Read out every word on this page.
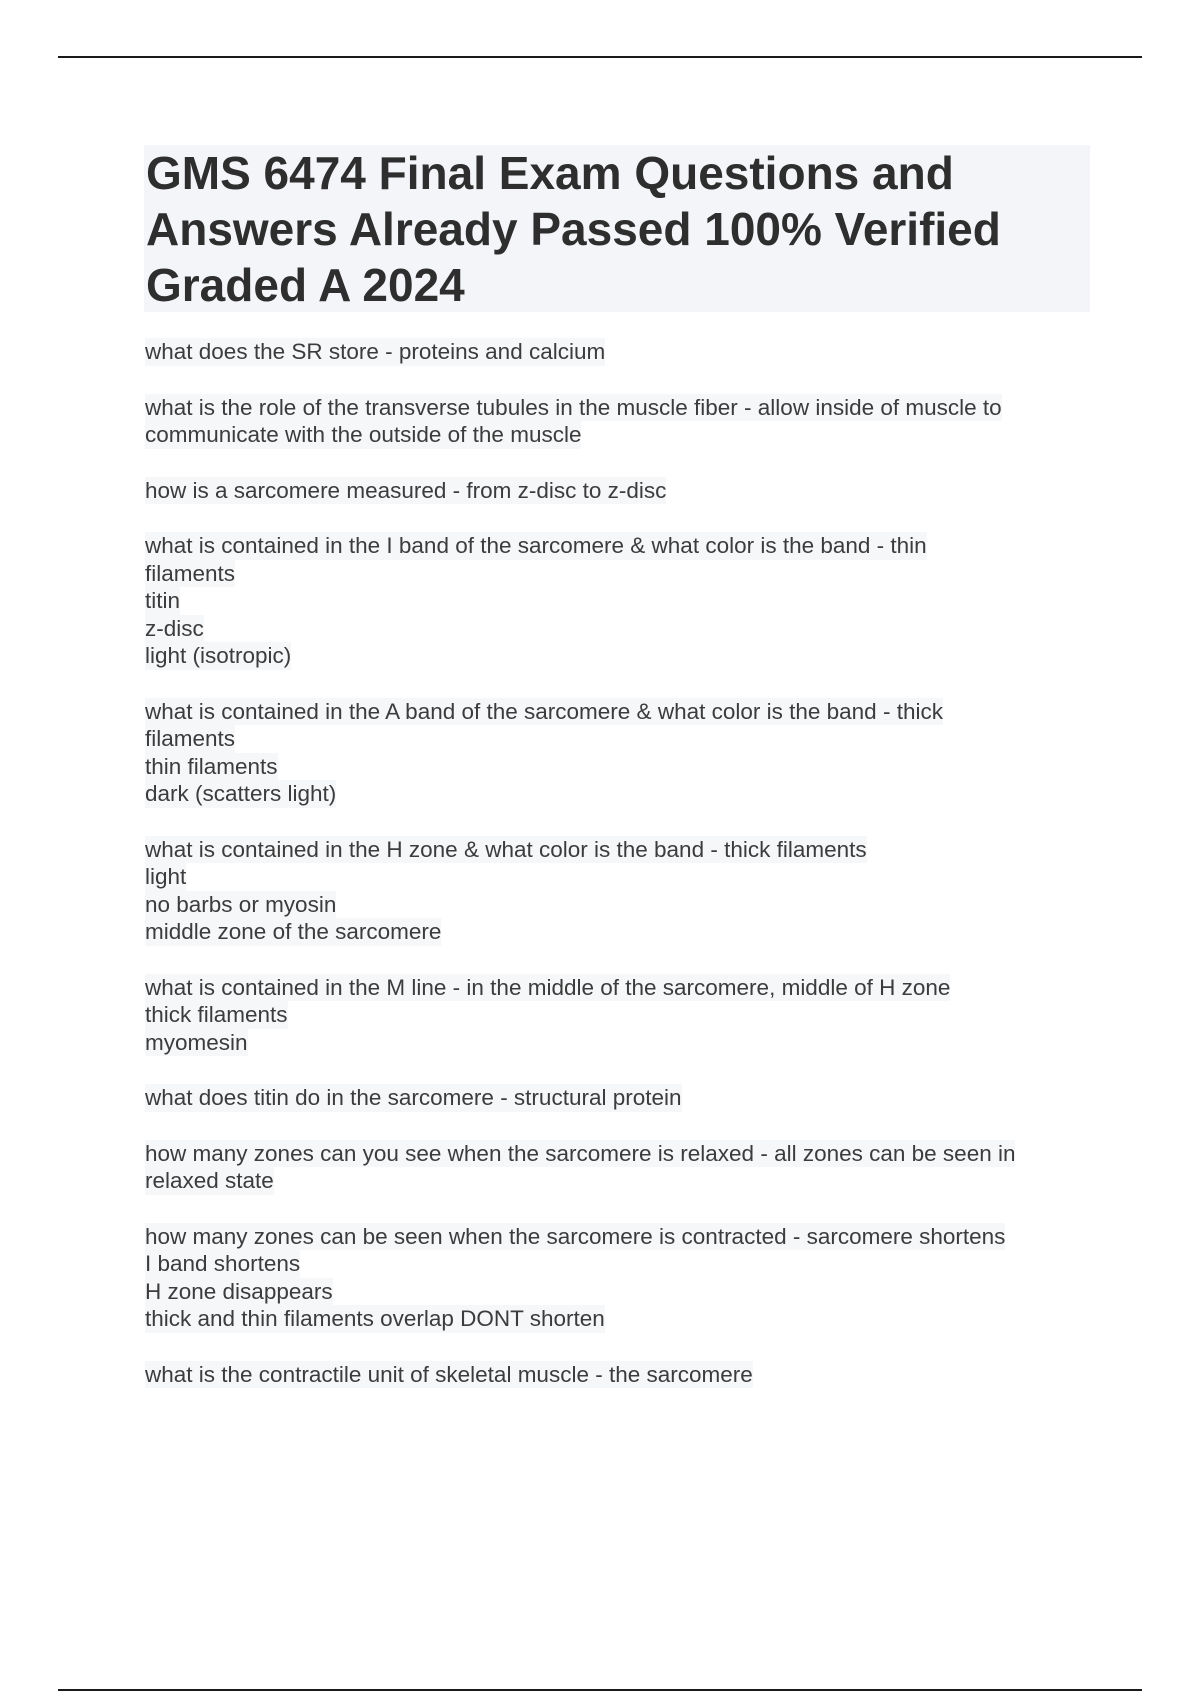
GMS 6474 Final Exam Questions and
Answers Already Passed 100% Verified
Graded A 2024
what does the SR store - proteins and calcium
what is the role of the transverse tubules in the muscle fiber - allow inside of muscle to
communicate with the outside of the muscle
how is a sarcomere measured - from z-disc to z-disc
what is contained in the I band of the sarcomere & what color is the band - thin
filaments
titin
z-disc
light (isotropic)
what is contained in the A band of the sarcomere & what color is the band - thick
filaments
thin filaments
dark (scatters light)
what is contained in the H zone & what color is the band - thick filaments
light
no barbs or myosin
middle zone of the sarcomere
what is contained in the M line - in the middle of the sarcomere, middle of H zone
thick filaments
myomesin
what does titin do in the sarcomere - structural protein
how many zones can you see when the sarcomere is relaxed - all zones can be seen in
relaxed state
how many zones can be seen when the sarcomere is contracted - sarcomere shortens
I band shortens
H zone disappears
thick and thin filaments overlap DONT shorten
what is the contractile unit of skeletal muscle - the sarcomere
